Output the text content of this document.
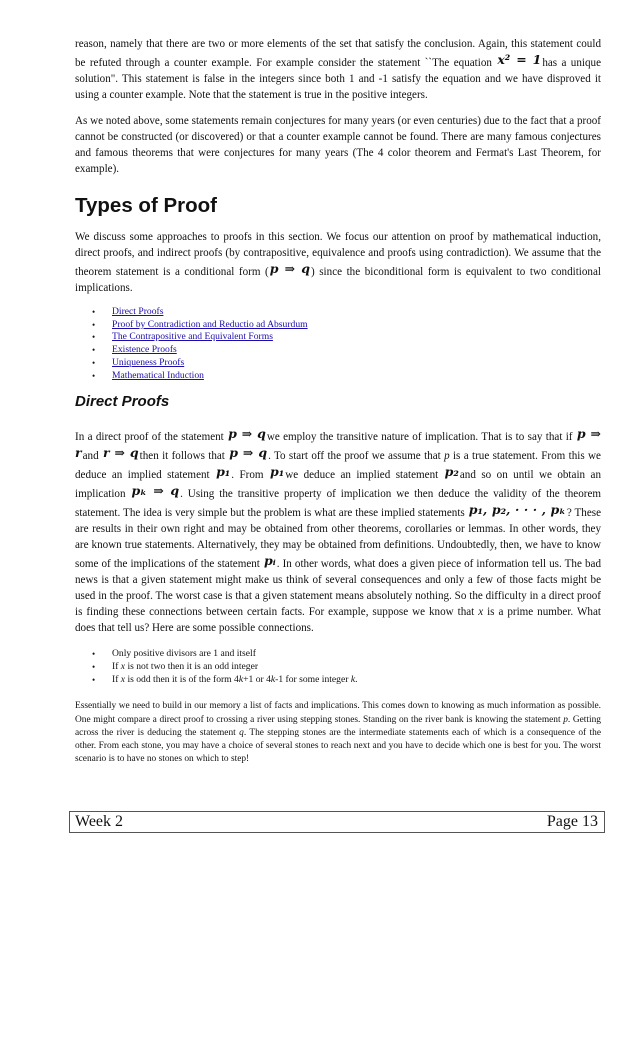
reason, namely that there are two or more elements of the set that satisfy the conclusion. Again, this statement could be refuted through a counter example. For example consider the statement ``The equation x² = 1has a unique solution". This statement is false in the integers since both 1 and -1 satisfy the equation and we have disproved it using a counter example. Note that the statement is true in the positive integers.

As we noted above, some statements remain conjectures for many years (or even centuries) due to the fact that a proof cannot be constructed (or discovered) or that a counter example cannot be found. There are many famous conjectures and famous theorems that were conjectures for many years (The 4 color theorem and Fermat's Last Theorem, for example).

Types of Proof

We discuss some approaches to proofs in this section. We focus our attention on proof by mathematical induction, direct proofs, and indirect proofs (by contrapositive, equivalence and proofs using contradiction). We assume that the theorem statement is a conditional form (p ⇒ q) since the biconditional form is equivalent to two conditional implications.

• Direct Proofs
• Proof by Contradiction and Reductio ad Absurdum
• The Contrapositive and Equivalent Forms
• Existence Proofs
• Uniqueness Proofs
• Mathematical Induction
Direct Proofs

In a direct proof of the statement p ⇒ qwe employ the transitive nature of implication. That is to say that if p ⇒ rand r ⇒ qthen it follows that p ⇒ q. To start off the proof we assume that p is a true statement. From this we deduce an implied statement p₁. From p₁we deduce an implied statement p₂and so on until we obtain an implication pₖ ⇒ q. Using the transitive property of implication we then deduce the validity of the theorem statement. The idea is very simple but the problem is what are these implied statements p₁, p₂, · · · , pₖ? These are results in their own right and may be obtained from other theorems, corollaries or lemmas. In other words, they are known true statements. Alternatively, they may be obtained from definitions. Undoubtedly, then, we have to know some of the implications of the statement pᵢ. In other words, what does a given piece of information tell us. The bad news is that a given statement might make us think of several consequences and only a few of those facts might be used in the proof. The worst case is that a given statement means absolutely nothing. So the difficulty in a direct proof is finding these connections between certain facts. For example, suppose we know that x is a prime number. What does that tell us? Here are some possible connections.

• Only positive divisors are 1 and itself
• If x is not two then it is an odd integer
• If x is odd then it is of the form 4k+1 or 4k-1 for some integer k.

Essentially we need to build in our memory a list of facts and implications. This comes down to knowing as much information as possible. One might compare a direct proof to crossing a river using stepping stones. Standing on the river bank is knowing the statement p. Getting across the river is deducing the statement q. The stepping stones are the intermediate statements each of which is a consequence of the other. From each stone, you may have a choice of several stones to reach next and you have to decide which one is best for you. The worst scenario is to have no stones on which to step!

Week 2	Page 13
